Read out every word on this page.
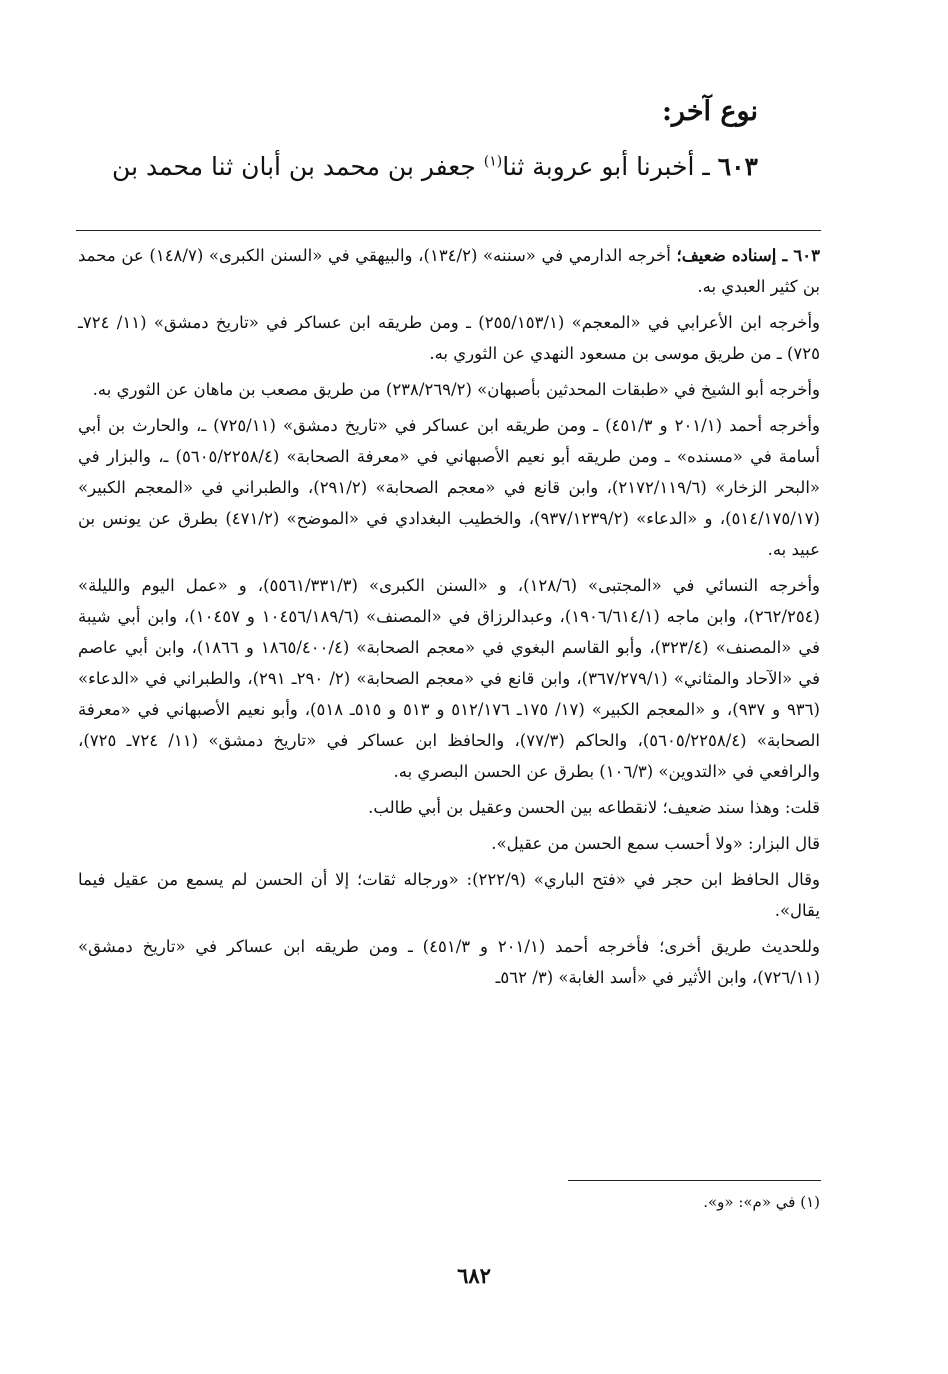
نوع آخر:
٦٠٣ ـ أخبرنا أبو عروبة ثنا$^{(١)}$ جعفر بن محمد بن أبان ثنا محمد بن

٦٠٣ ـ إسناده ضعيف؛ أخرجه الدارمي في «سننه» (١٣٤/٢)، والبيهقي في «السنن الكبرى» (١٤٨/٧) عن محمد بن كثير العبدي به.

وأخرجه ابن الأعرابي في «المعجم» (٢٥٥/١٥٣/١) ـ ومن طريقه ابن عساكر في «تاريخ دمشق» (١١/ ٧٢٤ـ ٧٢٥) ـ من طريق موسى بن مسعود النهدي عن الثوري به.

وأخرجه أبو الشيخ في «طبقات المحدثين بأصبهان» (٢٣٨/٢٦٩/٢) من طريق مصعب بن ماهان عن الثوري به.

وأخرجه أحمد (٢٠١/١ و ٤٥١/٣) ـ ومن طريقه ابن عساكر في «تاريخ دمشق» (٧٢٥/١١) ـ، والحارث بن أبي أسامة في «مسنده» ـ ومن طريقه أبو نعيم الأصبهاني في «معرفة الصحابة» (٥٦٠٥/٢٢٥٨/٤) ـ، والبزار في «البحر الزخار» (٢١٧٢/١١٩/٦)، وابن قانع في «معجم الصحابة» (٢٩١/٢)، والطبراني في «المعجم الكبير» (٥١٤/١٧٥/١٧)، و «الدعاء» (٩٣٧/١٢٣٩/٢)، والخطيب البغدادي في «الموضح» (٤٧١/٢) بطرق عن يونس بن عبيد به.

وأخرجه النسائي في «المجتبى» (١٢٨/٦)، و «السنن الكبرى» (٥٥٦١/٣٣١/٣)، و «عمل اليوم والليلة» (٢٦٢/٢٥٤)، وابن ماجه (١٩٠٦/٦١٤/١)، وعبدالرزاق في «المصنف» (١٠٤٥٦/١٨٩/٦ و ١٠٤٥٧)، وابن أبي شيبة في «المصنف» (٣٢٣/٤)، وأبو القاسم البغوي في «معجم الصحابة» (١٨٦٥/٤٠٠/٤ و ١٨٦٦)، وابن أبي عاصم في «الآحاد والمثاني» (٣٦٧/٢٧٩/١)، وابن قانع في «معجم الصحابة» (٢/ ٢٩٠ـ ٢٩١)، والطبراني في «الدعاء» (٩٣٦ و ٩٣٧)، و «المعجم الكبير» (١٧/ ١٧٥ـ ٥١٢/١٧٦ و ٥١٣ و ٥١٥ـ ٥١٨)، وأبو نعيم الأصبهاني في «معرفة الصحابة» (٥٦٠٥/٢٢٥٨/٤)، والحاكم (٧٧/٣)، والحافظ ابن عساكر في «تاريخ دمشق» (١١/ ٧٢٤ـ ٧٢٥)، والرافعي في «التدوين» (١٠٦/٣) بطرق عن الحسن البصري به.

قلت: وهذا سند ضعيف؛ لانقطاعه بين الحسن وعقيل بن أبي طالب.

قال البزار: «ولا أحسب سمع الحسن من عقيل».

وقال الحافظ ابن حجر في «فتح الباري» (٢٢٢/٩): «ورجاله ثقات؛ إلا أن الحسن لم يسمع من عقيل فيما يقال».

وللحديث طريق أخرى؛ فأخرجه أحمد (٢٠١/١ و ٤٥١/٣) ـ ومن طريقه ابن عساكر في «تاريخ دمشق» (٧٢٦/١١)، وابن الأثير في «أسد الغابة» (٣/ ٥٦٢ـ

(١) في «م»: «و».
٦٨٢
